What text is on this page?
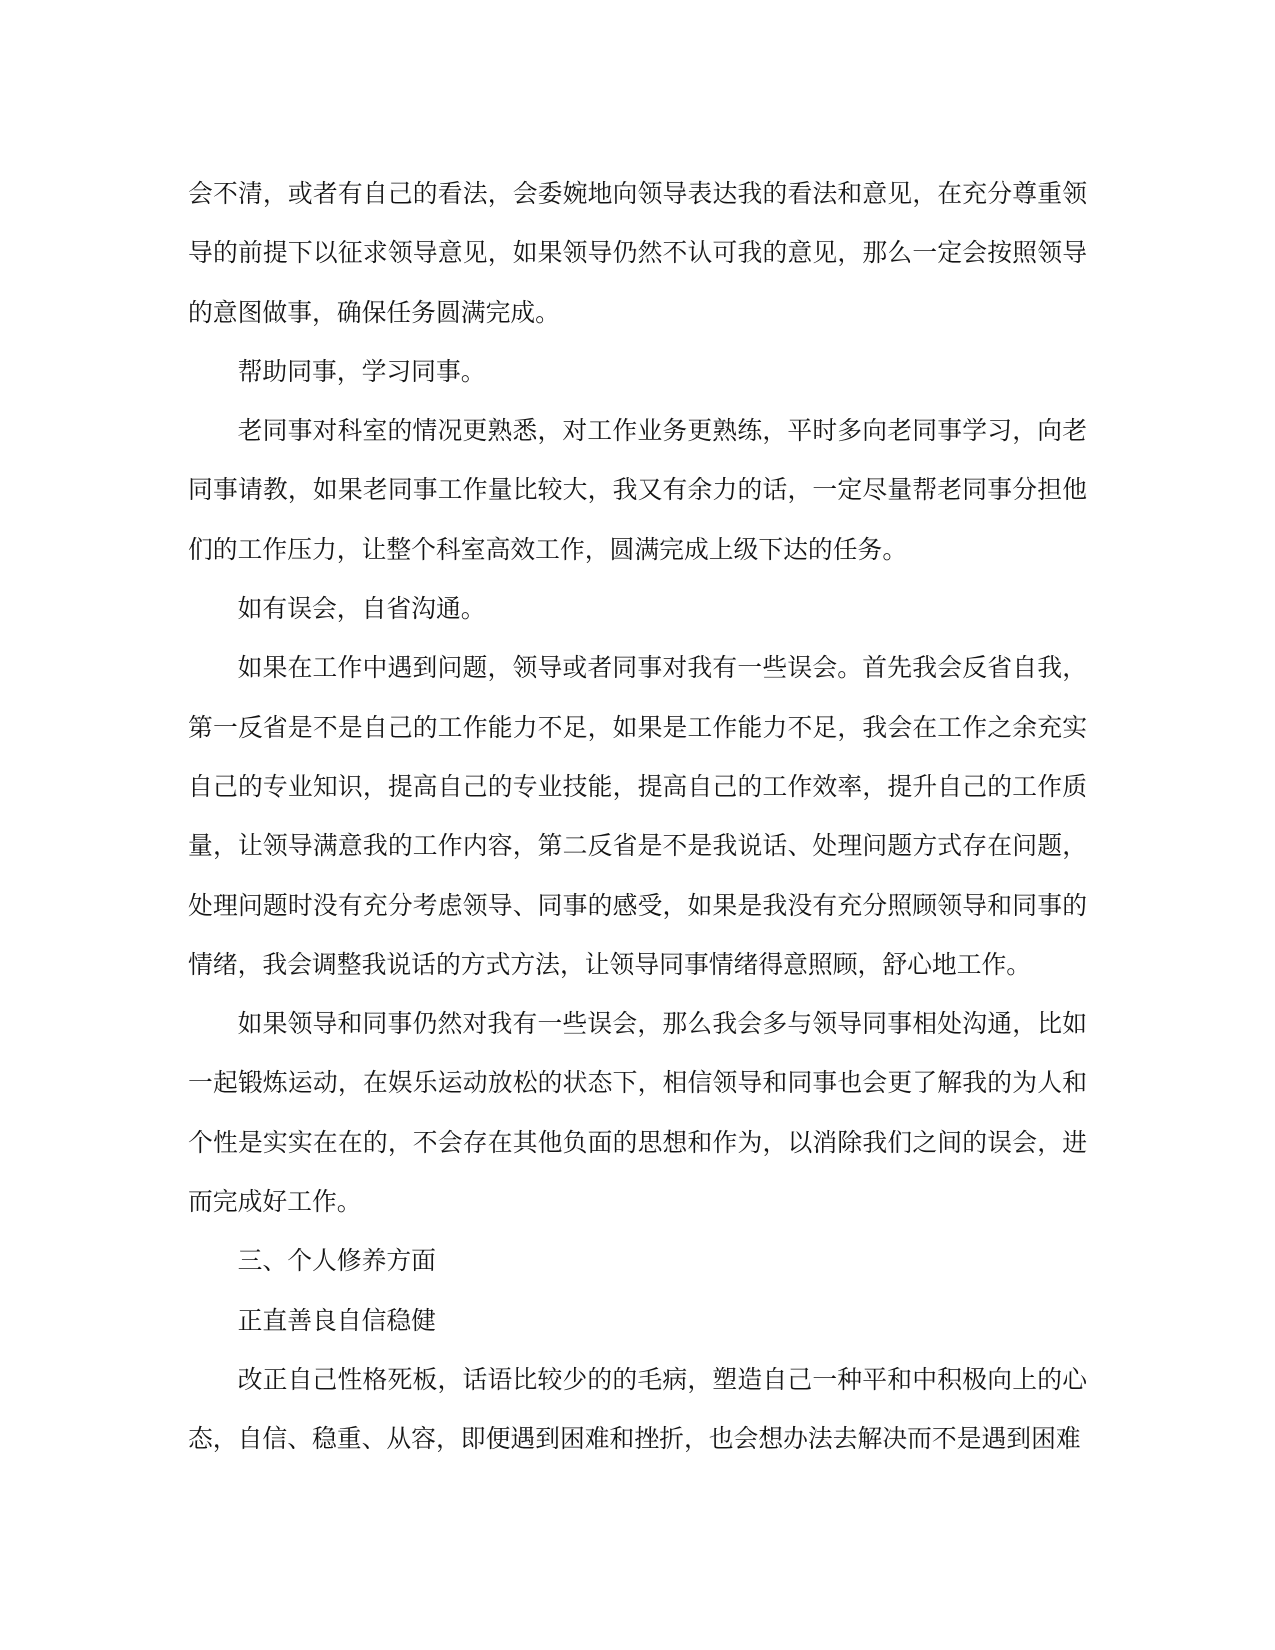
会不清，或者有自己的看法，会委婉地向领导表达我的看法和意见，在充分尊重领导的前提下以征求领导意见，如果领导仍然不认可我的意见，那么一定会按照领导的意图做事，确保任务圆满完成。

帮助同事，学习同事。

老同事对科室的情况更熟悉，对工作业务更熟练，平时多向老同事学习，向老同事请教，如果老同事工作量比较大，我又有余力的话，一定尽量帮老同事分担他们的工作压力，让整个科室高效工作，圆满完成上级下达的任务。

如有误会，自省沟通。

如果在工作中遇到问题，领导或者同事对我有一些误会。首先我会反省自我，第一反省是不是自己的工作能力不足，如果是工作能力不足，我会在工作之余充实自己的专业知识，提高自己的专业技能，提高自己的工作效率，提升自己的工作质量，让领导满意我的工作内容，第二反省是不是我说话、处理问题方式存在问题，处理问题时没有充分考虑领导、同事的感受，如果是我没有充分照顾领导和同事的情绪，我会调整我说话的方式方法，让领导同事情绪得意照顾，舒心地工作。

如果领导和同事仍然对我有一些误会，那么我会多与领导同事相处沟通，比如一起锻炼运动，在娱乐运动放松的状态下，相信领导和同事也会更了解我的为人和个性是实实在在的，不会存在其他负面的思想和作为，以消除我们之间的误会，进而完成好工作。

三、个人修养方面

正直善良自信稳健

改正自己性格死板，话语比较少的的毛病，塑造自己一种平和中积极向上的心态，自信、稳重、从容，即便遇到困难和挫折，也会想办法去解决而不是遇到困难
